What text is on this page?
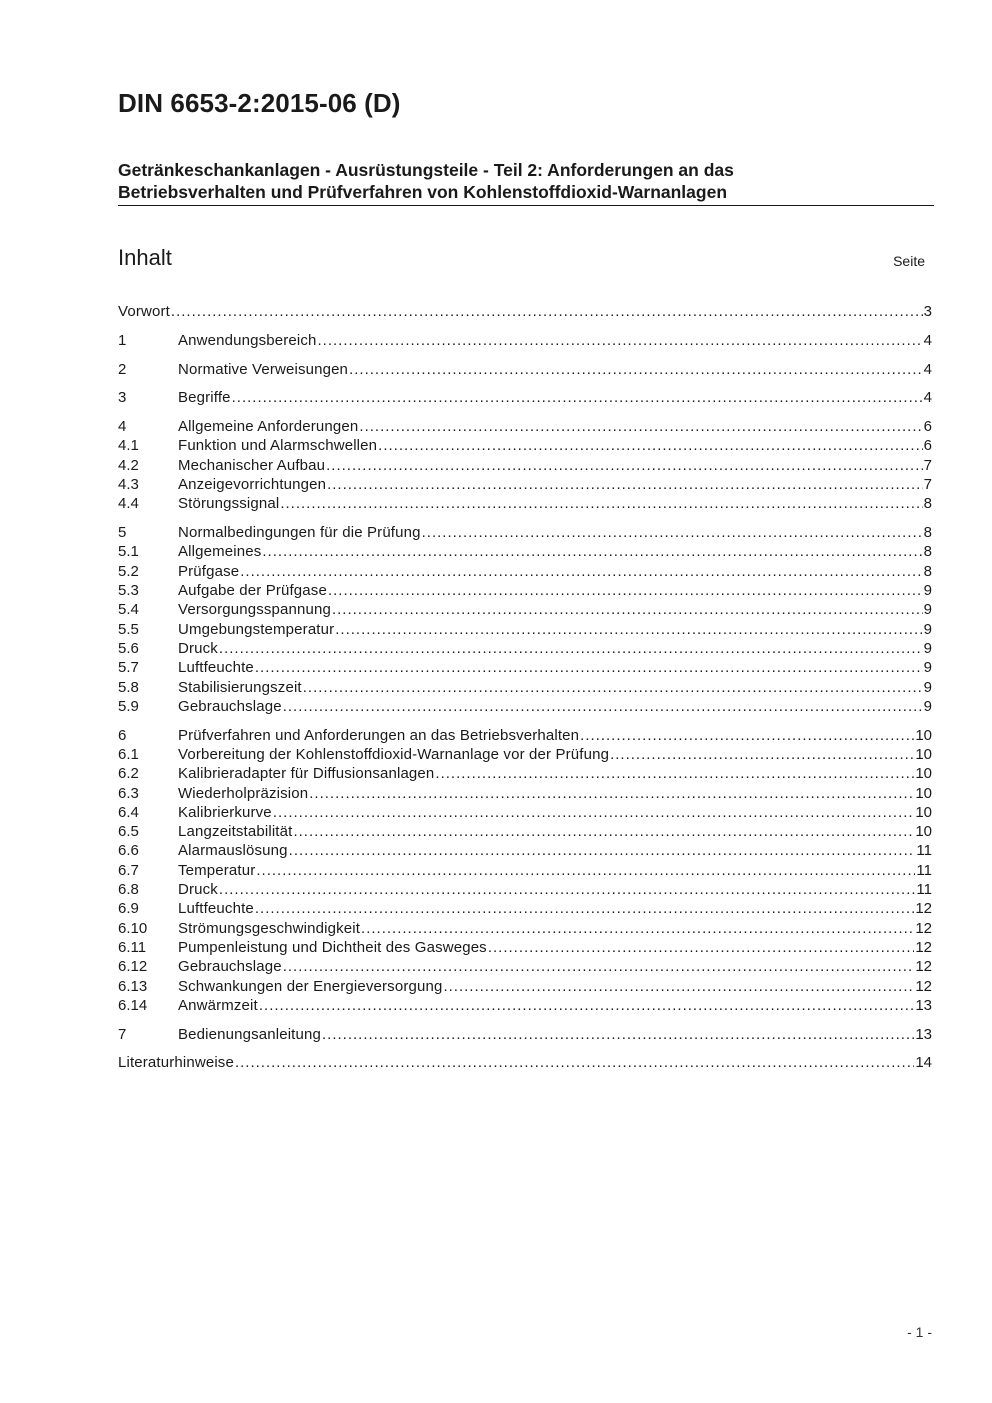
DIN 6653-2:2015-06 (D)
Getränkeschankanlagen - Ausrüstungsteile - Teil 2: Anforderungen an das
Betriebsverhalten und Prüfverfahren von Kohlenstoffdioxid-Warnanlagen
Inhalt	Seite
Vorwort .....	3
1	Anwendungsbereich .....	4
2	Normative Verweisungen .....	4
3	Begriffe .....	4
4	Allgemeine Anforderungen .....	6
4.1	Funktion und Alarmschwellen .....	6
4.2	Mechanischer Aufbau .....	7
4.3	Anzeigevorrichtungen .....	7
4.4	Störungssignal .....	8
5	Normalbedingungen für die Prüfung .....	8
5.1	Allgemeines .....	8
5.2	Prüfgase .....	8
5.3	Aufgabe der Prüfgase .....	9
5.4	Versorgungsspannung .....	9
5.5	Umgebungstemperatur .....	9
5.6	Druck .....	9
5.7	Luftfeuchte .....	9
5.8	Stabilisierungszeit .....	9
5.9	Gebrauchslage .....	9
6	Prüfverfahren und Anforderungen an das Betriebsverhalten .....	10
6.1	Vorbereitung der Kohlenstoffdioxid-Warnanlage vor der Prüfung .....	10
6.2	Kalibrieradapter für Diffusionsanlagen .....	10
6.3	Wiederholpräzision .....	10
6.4	Kalibrierkurve .....	10
6.5	Langzeitstabilität .....	10
6.6	Alarmauslösung .....	11
6.7	Temperatur .....	11
6.8	Druck .....	11
6.9	Luftfeuchte .....	12
6.10	Strömungsgeschwindigkeit .....	12
6.11	Pumpenleistung und Dichtheit des Gasweges .....	12
6.12	Gebrauchslage .....	12
6.13	Schwankungen der Energieversorgung .....	12
6.14	Anwärmzeit .....	13
7	Bedienungsanleitung .....	13
Literaturhinweise .....	14
- 1 -
